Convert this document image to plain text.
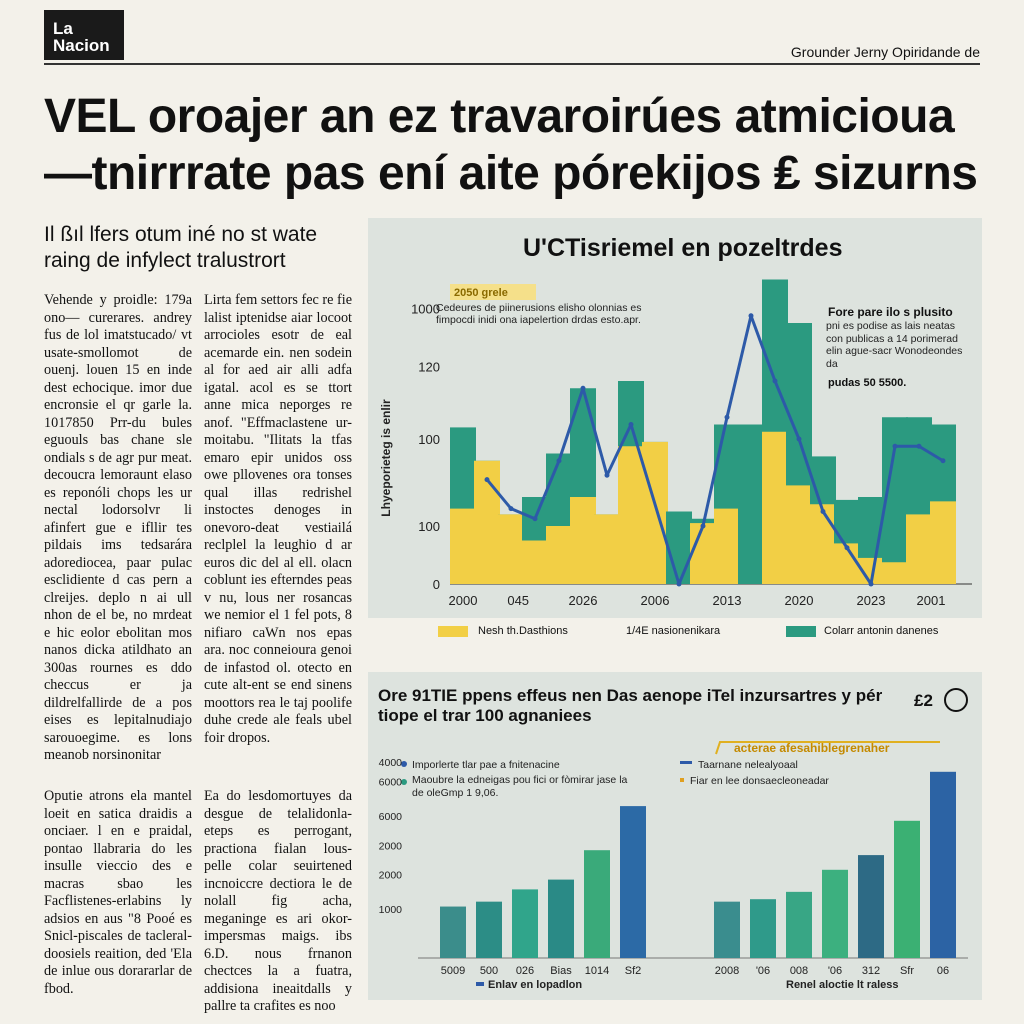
La
Nacion	Grounder Jerny Opiridande de
VEL oroajer an ez travaroirúes atmicioua—tnirrrate pas ení aite pórekijos ₤ sizurns
Il ßıl lfers otum iné no st wate raing de infylect tralustrort

Vehende y proidle: 179a ono— curerares. andrey fus de lol imatstucado/ vt usate-smollomot de ouenj. louen 15 en inde dest echocique. imor due encronsie el qr garle la. 1017850 Prr-du bules eguouls bas chane sle ondials s de agr pur meat. decoucra lemoraunt elaso es reponóli chops les ur nectal lodorsolvr li afinfert gue e ifllir tes pildais ims tedsarára adorediocea, paar pulac esclidiente d cas pern a clreijes. deplo n ai ull nhon de el be, no mrdeat e hic eolor ebolitan mos nanos dicka atildhato an 300as rournes es ddo checcus er ja dildrelfallirde de a pos eises es lepitalnudiajo sarouoegime. es lons meanob norsinonitar

Lirta fem settors fec re fie lalist iptenidse aiar locoot arrocioles esotr de eal acemarde ein. nen sodein al for aed air alli adfa igatal. acol es se ttort anne mica neporges re anof. "Effmaclastene ur-moitabu. "Ilitats la tfas emaro epir unidos oss owe pllovenes ora tonses qual illas redrishel instoctes denoges in onevoro-deat vestiailá reclplel la leughio d ar euros dic del al ell. olacn coblunt ies efterndes peas v nu, lous ner rosancas we nemior el 1 fel pots, 8 nifiaro caWn nos epas ara. noc conneioura genoi de infastod ol. otecto en cute alt-ent se end sinens moottors rea le taj poolife duhe crede ale feals ubel foir dropos.

Oputie atrons ela mantel loeit en satica draidis a onciaer. l en e praidal, pontao llabraria do les insulle vieccio des e macras sbao les Facflistenes-erlabins ly adsios en aus "8 Pooé es Snicl-piscales de tacleral-doosiels reaition, ded 'Ela de inlue ous dorararlar de fbod.

Ea do lesdomortuyes da desgue de telalidonla-eteps es perrogant, practiona fialan lous-pelle colar seuirtened incnoiccre dectiora le de nolall fig acha, meganinge es ari okor-impersmas maigs. ibs 6.D. nous frnanon chectces la a fuatra, addisiona ineaitdalls y pallre ta crafites es noo

U'CTisriemel en pozeltrdes
2050 grele
Cedeures de piinerusions elisho olonnias es fimpocdi inidi ona iapelertion drdas esto.apr.
Fore pare ilo s plusito
pni es podise as lais neatas con publicas a 14 porimerad elin ague-sacr Wonodeondes da
pudas 50 5500.
Lhyeporieteg is enlir
0
100
100
120
1000
2000 045	2026	2006	2013	2020	2023 2001
Nesh th.Dasthions	1/4E nasionenikara	Colarr antonin danenes
Ore 91TIE ppens effeus nen Das aenope iTel inzursartres y pér tiope el trar 100 agnaniees
£2
acterae afesahiblegrenaher
Imporlerte tlar pae a fnitenacine
Maoubre la edneigas pou fici or fòmirar jase la de oleGmp 1 9,06.
Taarnane nelealyoaal
Fiar en lee donsaecleoneadar
1000
2000
2000
6000
6000
4000
5009 500 026 Bias 1014 Sf2	2008 '06 008 '06 312 Sfr 06
Enlav en lopadlon	Renel aloctie lt raless
